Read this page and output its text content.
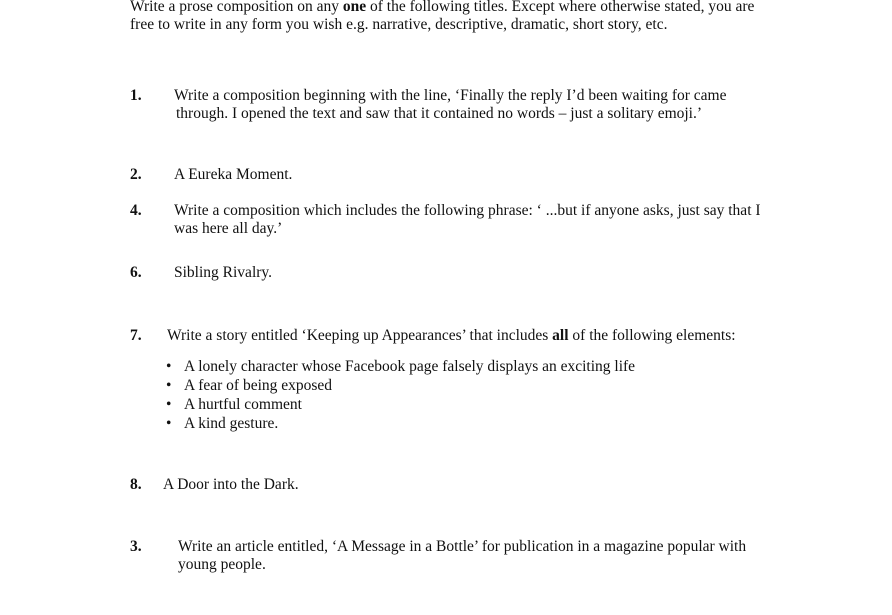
Write a prose composition on any one of the following titles. Except where otherwise stated, you are
free to write in any form you wish e.g. narrative, descriptive, dramatic, short story, etc.
1. Write a composition beginning with the line, ‘Finally the reply I’d been waiting for came
through. I opened the text and saw that it contained no words – just a solitary emoji.’
2. A Eureka Moment.
4. Write a composition which includes the following phrase: ‘ ...but if anyone asks, just say that I
was here all day.’
6. Sibling Rivalry.
7. Write a story entitled ‘Keeping up Appearances’ that includes all of the following elements:
• A lonely character whose Facebook page falsely displays an exciting life
• A fear of being exposed
• A hurtful comment
• A kind gesture.
8. A Door into the Dark.
3. Write an article entitled, ‘A Message in a Bottle’ for publication in a magazine popular with
young people.
